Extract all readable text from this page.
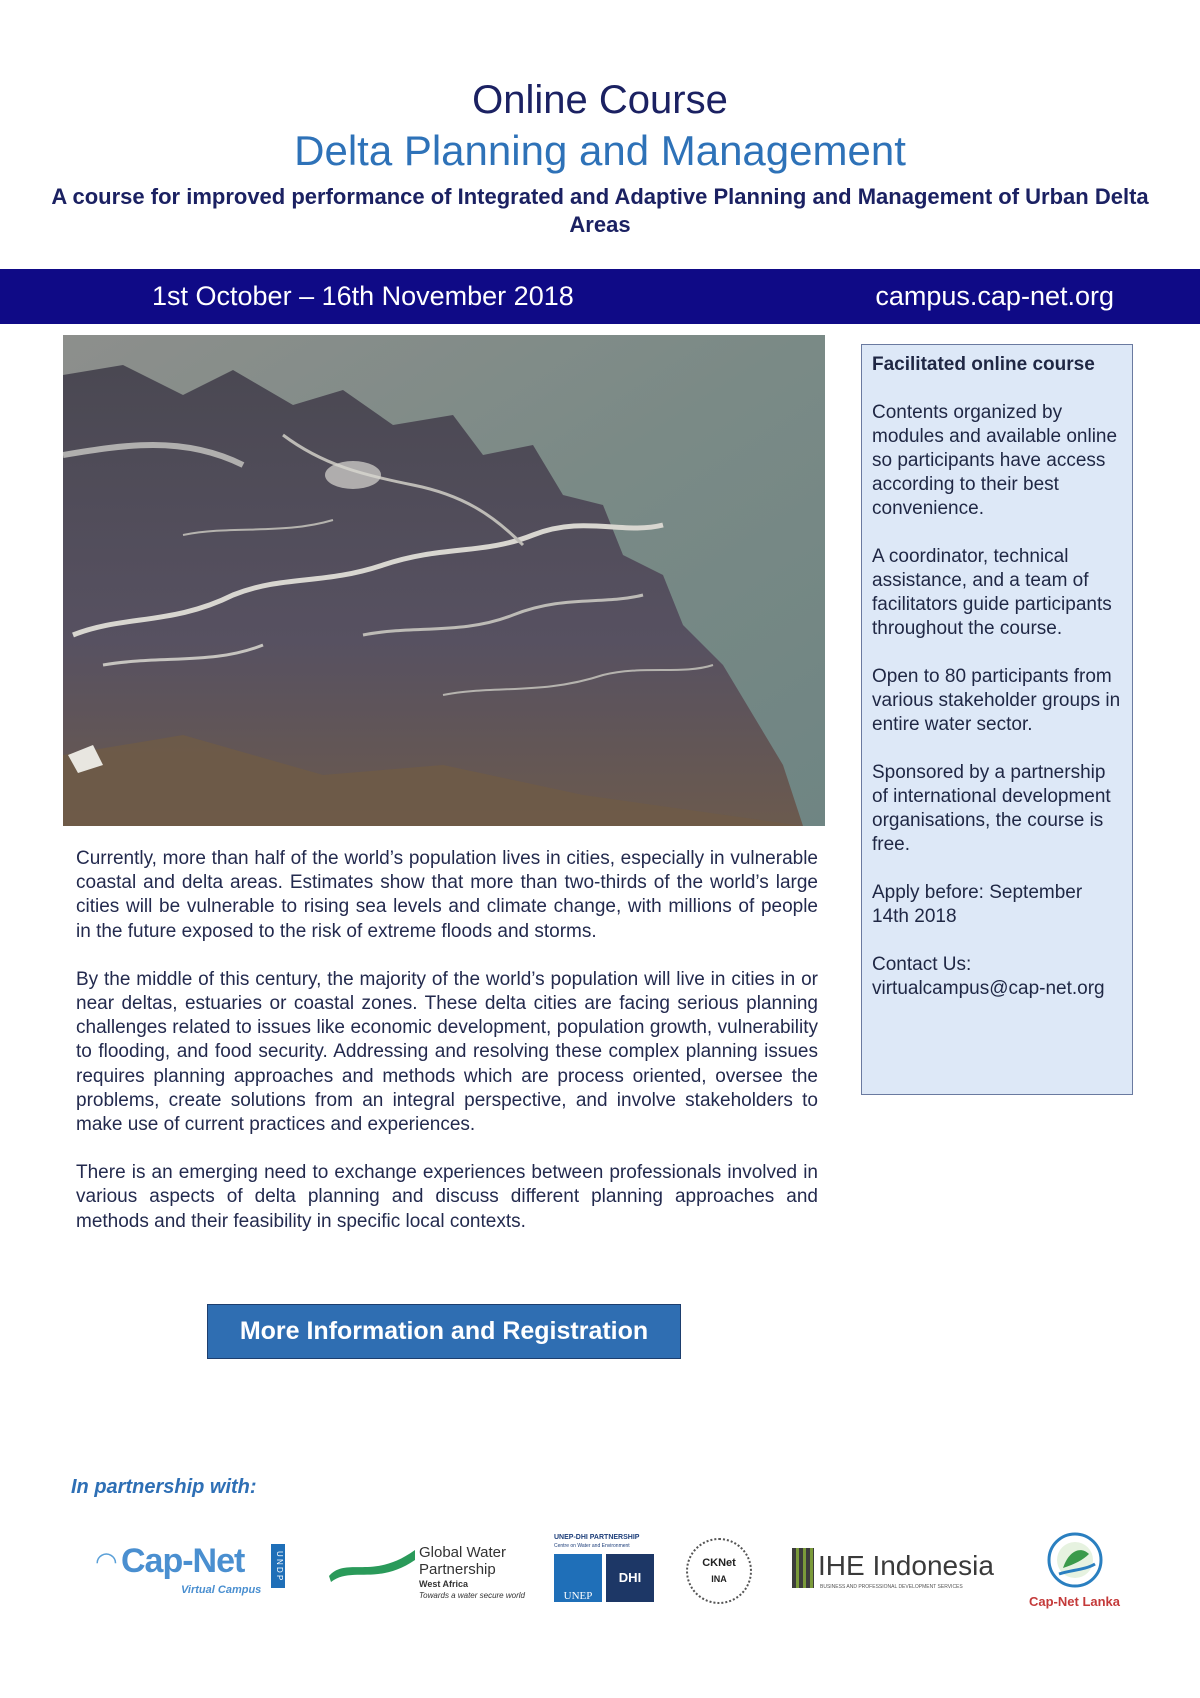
Online Course
Delta Planning and Management
A course for improved performance of Integrated and Adaptive Planning and Management of Urban Delta Areas
1st October – 16th November 2018	campus.cap-net.org
Facilitated online course

Contents organized by modules and available online so participants have access according to their best convenience.

A coordinator, technical assistance, and a team of facilitators guide participants throughout the course.

Open to 80 participants from various stakeholder groups in entire water sector.

Sponsored by a partnership of international development organisations, the course is free.

Apply before: September 14th 2018

Contact Us:
virtualcampus@cap-net.org

Currently, more than half of the world’s population lives in cities, especially in vulnerable coastal and delta areas. Estimates show that more than two-thirds of the world’s large cities will be vulnerable to rising sea levels and climate change, with millions of people in the future exposed to the risk of extreme floods and storms.

By the middle of this century, the majority of the world’s population will live in cities in or near deltas, estuaries or coastal zones. These delta cities are facing serious planning challenges related to issues like economic development, population growth, vulnerability to flooding, and food security. Addressing and resolving these complex planning issues requires planning approaches and methods which are process oriented, oversee the problems, create solutions from an integral perspective, and involve stakeholders to make use of current practices and experiences.

There is an emerging need to exchange experiences between professionals involved in various aspects of delta planning and discuss different planning approaches and methods and their feasibility in specific local contexts.

More Information and Registration
In partnership with:
◠ Cap-Net
Virtual Campus
U N D P	Global Water
Partnership
West Africa
Towards a water secure world
UNEP-DHI PARTNERSHIP
Centre on Water and Environment
UNEP
DHI
CKNet
INA	IHE Indonesia
BUSINESS AND PROFESSIONAL DEVELOPMENT SERVICES
Cap-Net Lanka
